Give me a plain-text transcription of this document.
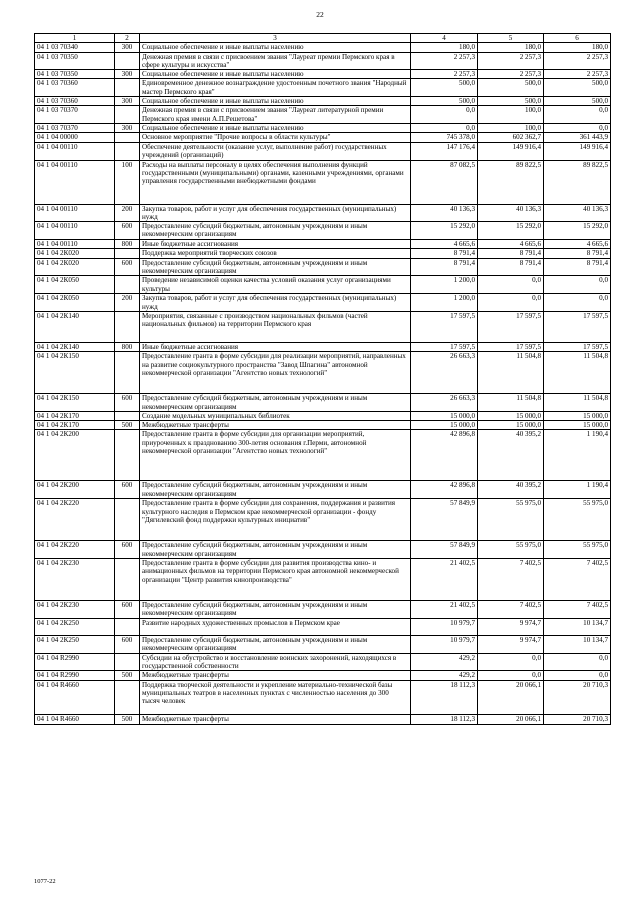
22
1	2	3	4	5	6
04 1 03 70340	300	Социальное обеспечение и иные выплаты населению	180,0	180,0	180,0
04 1 03 70350		Денежная премия в связи с присвоением звания "Лауреат премии Пермского края в сфере культуры и искусства"	2 257,3	2 257,3	2 257,3
04 1 03 70350	300	Социальное обеспечение и иные выплаты населению	2 257,3	2 257,3	2 257,3
04 1 03 70360		Единовременное денежное вознаграждение удостоенным почетного звания "Народный мастер Пермского края"	500,0	500,0	500,0
04 1 03 70360	300	Социальное обеспечение и иные выплаты населению	500,0	500,0	500,0
04 1 03 70370		Денежная премия в связи с присвоением звания "Лауреат литературной премии Пермского края имени А.П.Решетова"	0,0	100,0	0,0
04 1 03 70370	300	Социальное обеспечение и иные выплаты населению	0,0	100,0	0,0
04 1 04 00000		Основное мероприятие "Прочие вопросы в области культуры"	745 378,0	602 362,7	361 443,9
04 1 04 00110		Обеспечение деятельности (оказание услуг, выполнение работ) государственных учреждений (организаций)	147 176,4	149 916,4	149 916,4
04 1 04 00110	100	Расходы на выплаты персоналу в целях обеспечения выполнения функций государственными (муниципальными) органами, казенными учреждениями, органами управления государственными внебюджетными фондами	87 082,5	89 822,5	89 822,5
04 1 04 00110	200	Закупка товаров, работ и услуг для обеспечения государственных (муниципальных) нужд	40 136,3	40 136,3	40 136,3
04 1 04 00110	600	Предоставление субсидий бюджетным, автономным учреждениям и иным некоммерческим организациям	15 292,0	15 292,0	15 292,0
04 1 04 00110	800	Иные бюджетные ассигнования	4 665,6	4 665,6	4 665,6
04 1 04 2К020		Поддержка мероприятий творческих союзов	8 791,4	8 791,4	8 791,4
04 1 04 2К020	600	Предоставление субсидий бюджетным, автономным учреждениям и иным некоммерческим организациям	8 791,4	8 791,4	8 791,4
04 1 04 2К050		Проведение независимой оценки качества условий оказания услуг организациями культуры	1 200,0	0,0	0,0
04 1 04 2К050	200	Закупка товаров, работ и услуг для обеспечения государственных (муниципальных) нужд	1 200,0	0,0	0,0
04 1 04 2К140		Мероприятия, связанные с производством национальных фильмов (частей национальных фильмов) на территории Пермского края	17 597,5	17 597,5	17 597,5
04 1 04 2К140	800	Иные бюджетные ассигнования	17 597,5	17 597,5	17 597,5
04 1 04 2К150		Предоставление гранта в форме субсидии для реализации мероприятий, направленных на развитие социокультурного пространства "Завод Шпагина" автономной некоммерческой организации "Агентство новых технологий"	26 663,3	11 504,8	11 504,8
04 1 04 2К150	600	Предоставление субсидий бюджетным, автономным учреждениям и иным некоммерческим организациям	26 663,3	11 504,8	11 504,8
04 1 04 2К170		Создание модельных муниципальных библиотек	15 000,0	15 000,0	15 000,0
04 1 04 2К170	500	Межбюджетные трансферты	15 000,0	15 000,0	15 000,0
04 1 04 2К200		Предоставление гранта в форме субсидии для организации мероприятий, приуроченных к празднованию 300-летия основания г.Перми, автономной некоммерческой организации "Агентство новых технологий"	42 896,8	40 395,2	1 190,4
04 1 04 2К200	600	Предоставление субсидий бюджетным, автономным учреждениям и иным некоммерческим организациям	42 896,8	40 395,2	1 190,4
04 1 04 2К220		Предоставление гранта в форме субсидии для сохранения, поддержания и развития культурного наследия в Пермском крае некоммерческой организации - фонду "Дягилевский фонд поддержки культурных инициатив"	57 849,9	55 975,0	55 975,0
04 1 04 2К220	600	Предоставление субсидий бюджетным, автономным учреждениям и иным некоммерческим организациям	57 849,9	55 975,0	55 975,0
04 1 04 2К230		Предоставление гранта в форме субсидии для развития производства кино- и анимационных фильмов на территории Пермского края автономной некоммерческой организации "Центр развития кинопроизводства"	21 402,5	7 402,5	7 402,5
04 1 04 2К230	600	Предоставление субсидий бюджетным, автономным учреждениям и иным некоммерческим организациям	21 402,5	7 402,5	7 402,5
04 1 04 2К250		Развитие народных художественных промыслов в Пермском крае	10 979,7	9 974,7	10 134,7
04 1 04 2К250	600	Предоставление субсидий бюджетным, автономным учреждениям и иным некоммерческим организациям	10 979,7	9 974,7	10 134,7
04 1 04 R2990		Субсидии на обустройство и восстановление воинских захоронений, находящихся в государственной собственности	429,2	0,0	0,0
04 1 04 R2990	500	Межбюджетные трансферты	429,2	0,0	0,0
04 1 04 R4660		Поддержка творческой деятельности и укрепление материально-технической базы муниципальных театров в населенных пунктах с численностью населения до 300 тысяч человек	18 112,3	20 066,1	20 710,3
04 1 04 R4660	500	Межбюджетные трансферты	18 112,3	20 066,1	20 710,3
1077-22
